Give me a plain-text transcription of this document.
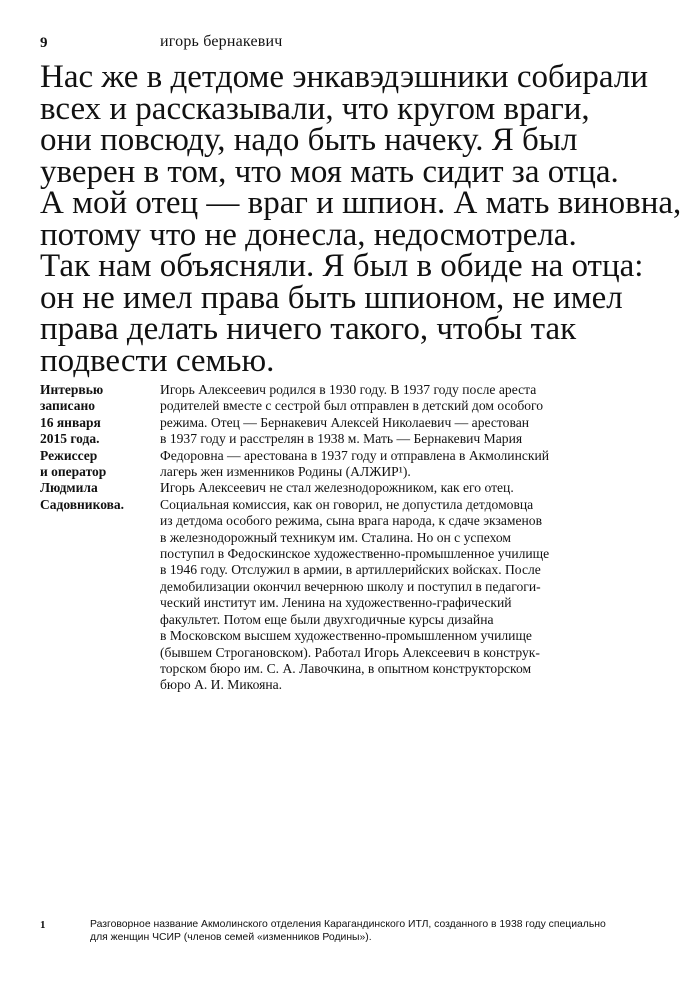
9	игорь бернакевич
Нас же в детдоме энкавэдэшники собирали
всех и рассказывали, что кругом враги,
они повсюду, надо быть начеку. Я был
уверен в том, что моя мать сидит за отца.
А мой отец — враг и шпион. А мать виновна,
потому что не донесла, недосмотрела.
Так нам объясняли. Я был в обиде на отца:
он не имел права быть шпионом, не имел
права делать ничего такого, чтобы так
подвести семью.
Интервью
записано
16 января
2015 года.
Режиссер
и оператор
Людмила
Садовникова.
Игорь Алексеевич родился в 1930 году. В 1937 году после ареста
родителей вместе с сестрой был отправлен в детский дом особого
режима. Отец — Бернакевич Алексей Николаевич — арестован
в 1937 году и расстрелян в 1938 м. Мать — Бернакевич Мария
Федоровна — арестована в 1937 году и отправлена в Акмолинский
лагерь жен изменников Родины (АЛЖИР¹).
Игорь Алексеевич не стал железнодорожником, как его отец.
Социальная комиссия, как он говорил, не допустила детдомовца
из детдома особого режима, сына врага народа, к сдаче экзаменов
в железнодорожный техникум им. Сталина. Но он с успехом
поступил в Федоскинское художественно-промышленное училище
в 1946 году. Отслужил в армии, в артиллерийских войсках. После
демобилизации окончил вечернюю школу и поступил в педагоги-
ческий институт им. Ленина на художественно-графический
факультет. Потом еще были двухгодичные курсы дизайна
в Московском высшем художественно-промышленном училище
(бывшем Строгановском). Работал Игорь Алексеевич в конструк-
торском бюро им. С. А. Лавочкина, в опытном конструкторском
бюро А. И. Микояна.
1	Разговорное название Акмолинского отделения Карагандинского ИТЛ, созданного в 1938 году специально
для женщин ЧСИР (членов семей «изменников Родины»).
